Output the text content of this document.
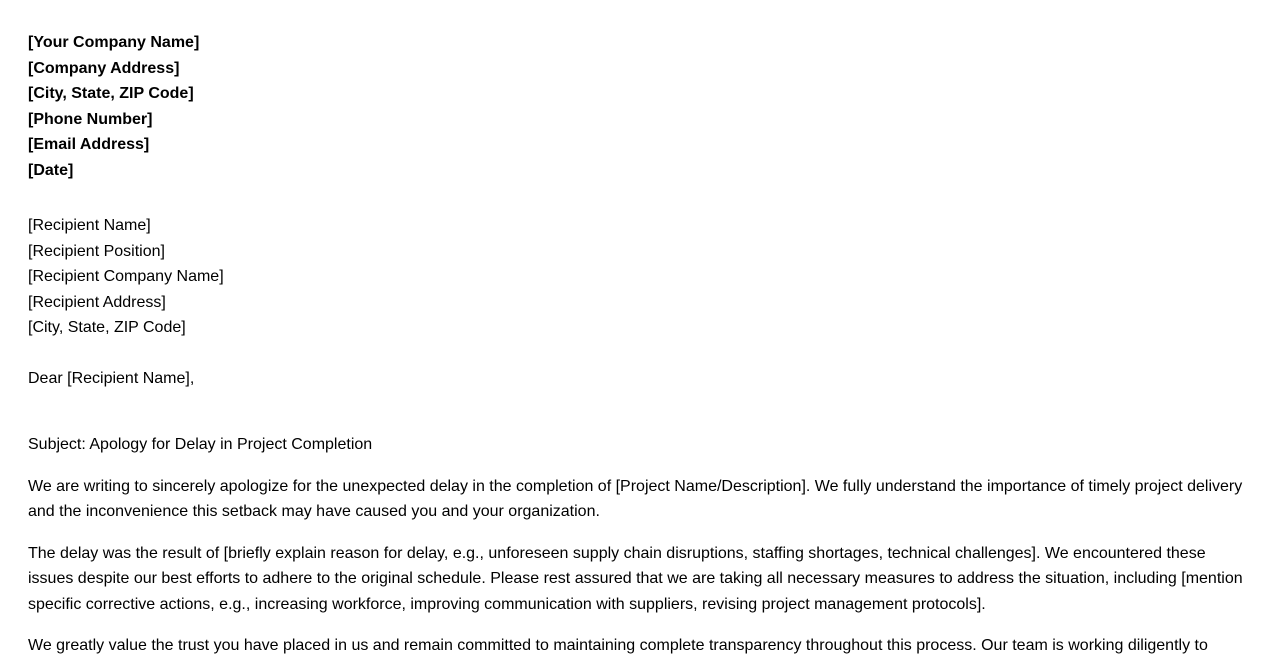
[Your Company Name]
[Company Address]
[City, State, ZIP Code]
[Phone Number]
[Email Address]
[Date]
[Recipient Name]
[Recipient Position]
[Recipient Company Name]
[Recipient Address]
[City, State, ZIP Code]
Dear [Recipient Name],
Subject: Apology for Delay in Project Completion
We are writing to sincerely apologize for the unexpected delay in the completion of [Project Name/Description]. We fully understand the importance of timely project delivery and the inconvenience this setback may have caused you and your organization.
The delay was the result of [briefly explain reason for delay, e.g., unforeseen supply chain disruptions, staffing shortages, technical challenges]. We encountered these issues despite our best efforts to adhere to the original schedule. Please rest assured that we are taking all necessary measures to address the situation, including [mention specific corrective actions, e.g., increasing workforce, improving communication with suppliers, revising project management protocols].
We greatly value the trust you have placed in us and remain committed to maintaining complete transparency throughout this process. Our team is working diligently to
